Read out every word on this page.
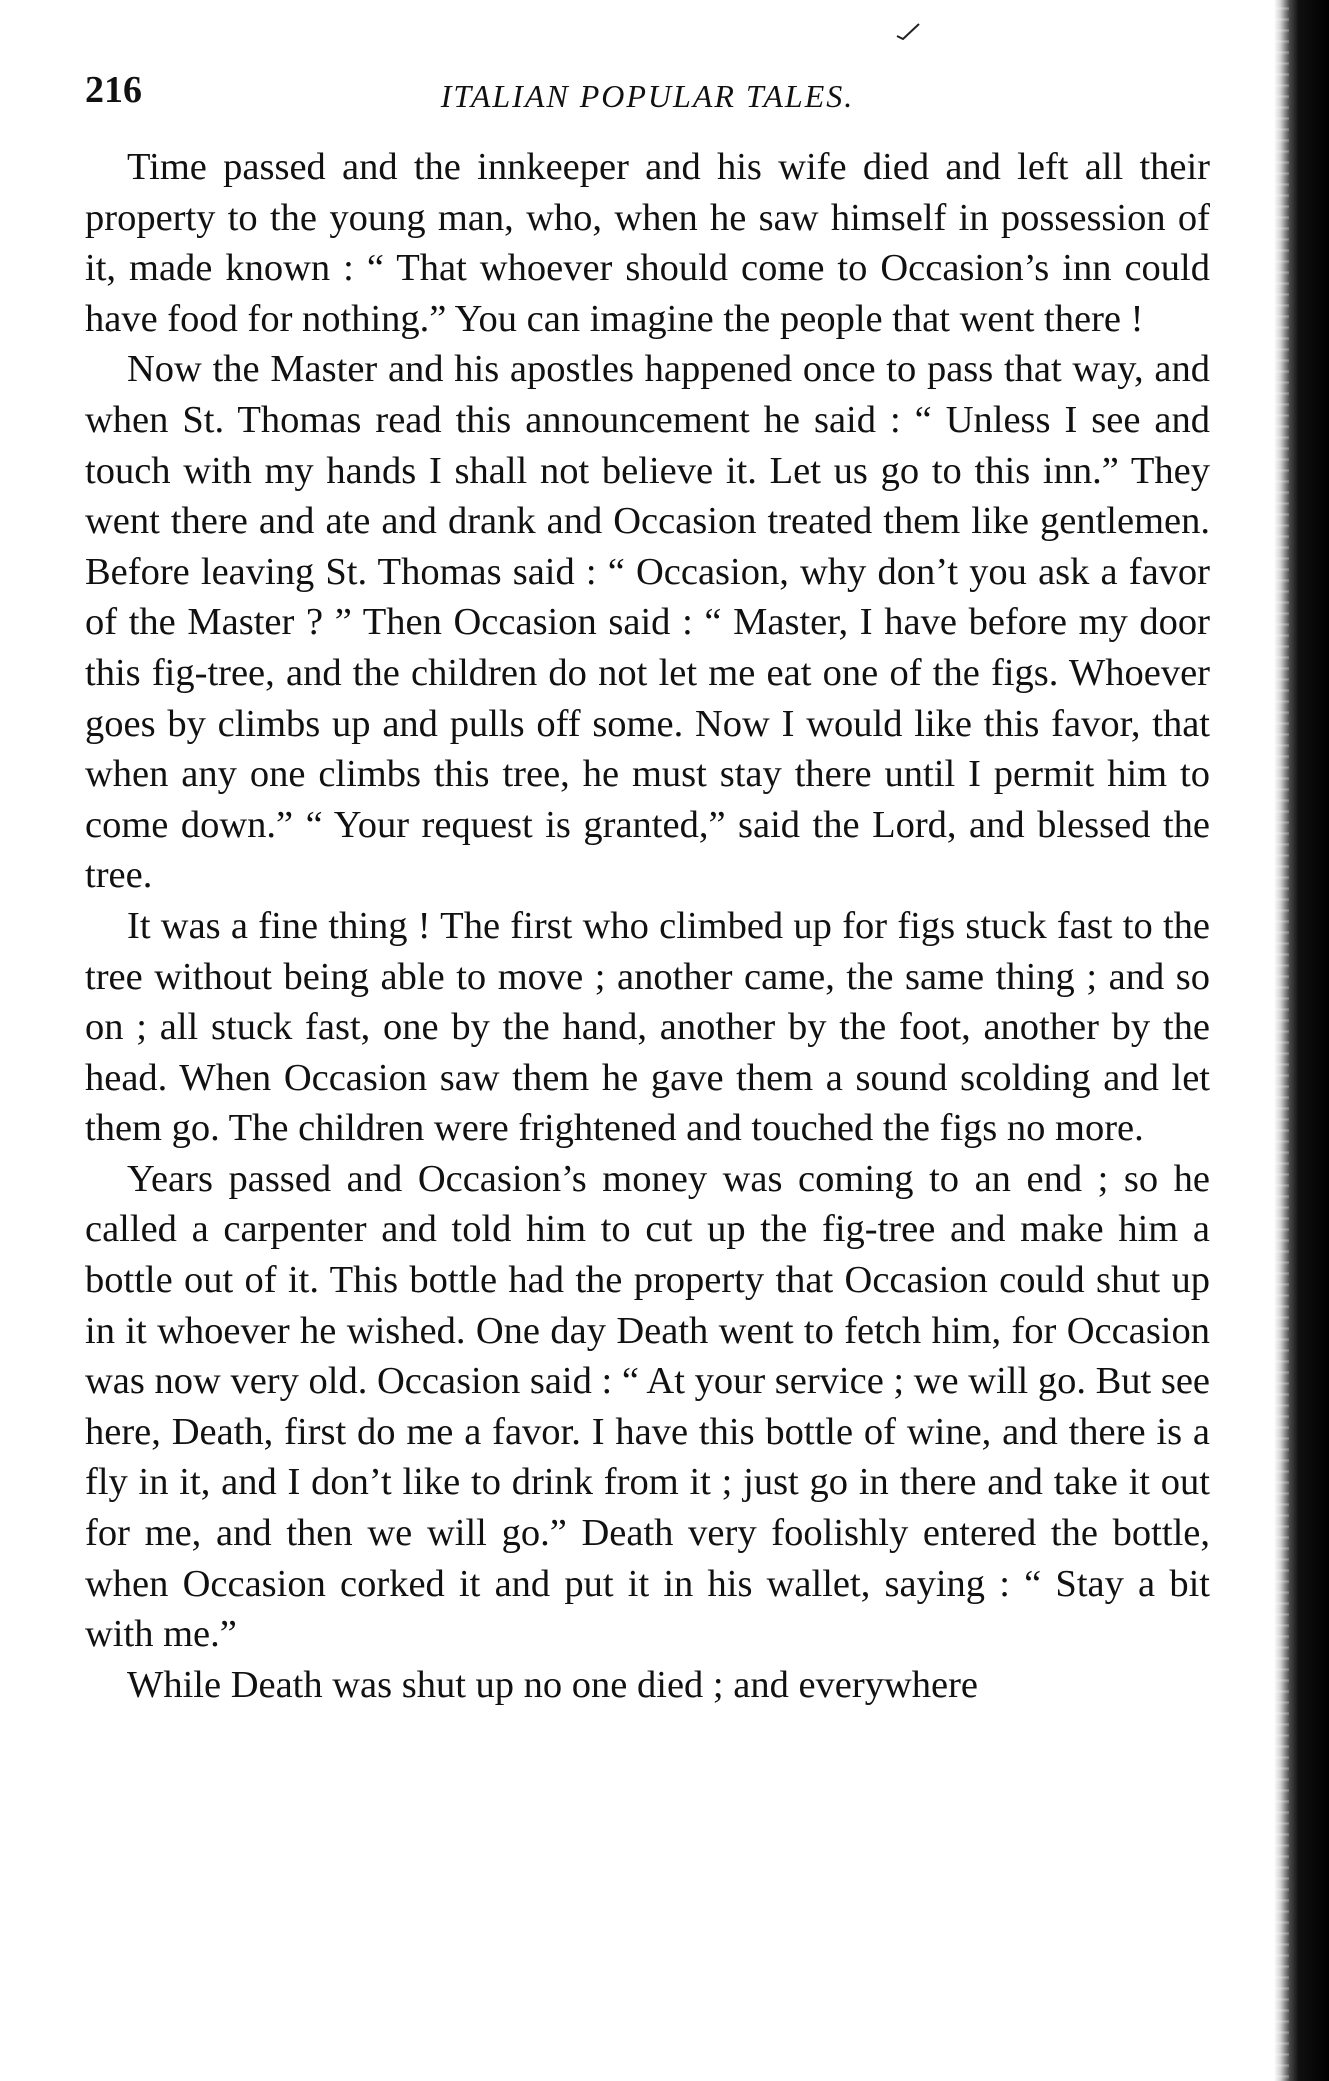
216	ITALIAN POPULAR TALES.

Time passed and the innkeeper and his wife died and left all their property to the young man, who, when he saw himself in possession of it, made known : “ That whoever should come to Occasion’s inn could have food for nothing.” You can imagine the people that went there !

Now the Master and his apostles happened once to pass that way, and when St. Thomas read this announcement he said : “ Unless I see and touch with my hands I shall not believe it. Let us go to this inn.” They went there and ate and drank and Occasion treated them like gentlemen. Before leaving St. Thomas said : “ Occasion, why don’t you ask a favor of the Master ? ” Then Occasion said : “ Master, I have before my door this fig-tree, and the children do not let me eat one of the figs. Whoever goes by climbs up and pulls off some. Now I would like this favor, that when any one climbs this tree, he must stay there until I permit him to come down.” “ Your request is granted,” said the Lord, and blessed the tree.

It was a fine thing ! The first who climbed up for figs stuck fast to the tree without being able to move ; another came, the same thing ; and so on ; all stuck fast, one by the hand, another by the foot, another by the head. When Occasion saw them he gave them a sound scolding and let them go. The children were frightened and touched the figs no more.

Years passed and Occasion’s money was coming to an end ; so he called a carpenter and told him to cut up the fig-tree and make him a bottle out of it. This bottle had the property that Occasion could shut up in it whoever he wished. One day Death went to fetch him, for Occasion was now very old. Occasion said : “ At your service ; we will go. But see here, Death, first do me a favor. I have this bottle of wine, and there is a fly in it, and I don’t like to drink from it ; just go in there and take it out for me, and then we will go.” Death very foolishly entered the bottle, when Occasion corked it and put it in his wallet, saying : “ Stay a bit with me.”

While Death was shut up no one died ; and everywhere
